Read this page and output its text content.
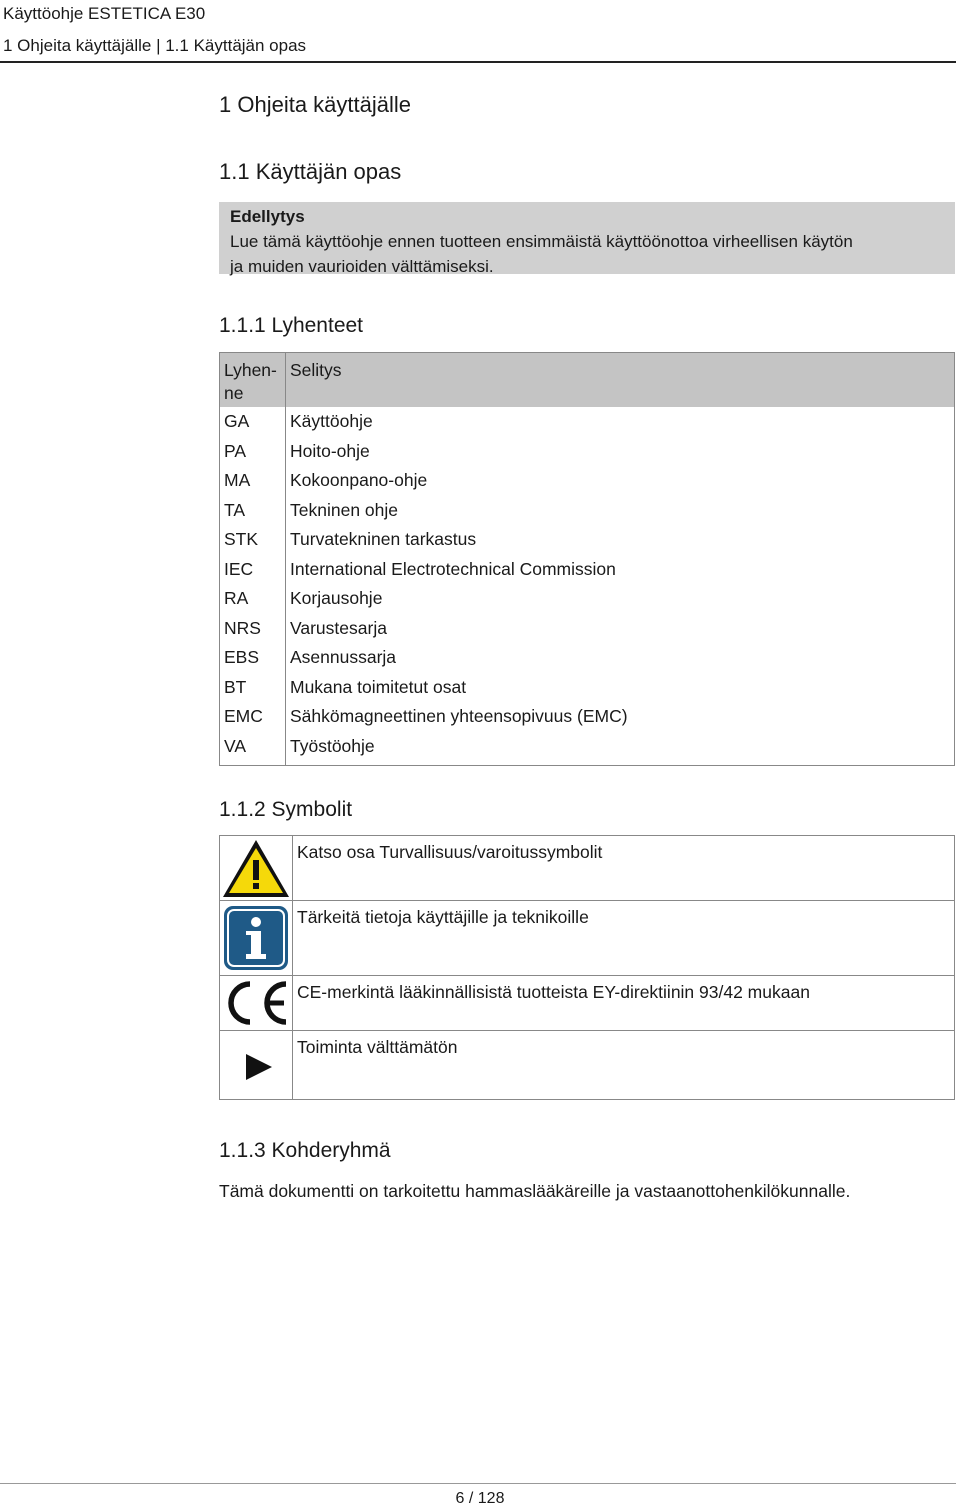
Käyttöohje ESTETICA E30
1 Ohjeita käyttäjälle | 1.1 Käyttäjän opas
1 Ohjeita käyttäjälle
1.1 Käyttäjän opas
Edellytys
Lue tämä käyttöohje ennen tuotteen ensimmäistä käyttöönottoa virheellisen käytön
ja muiden vaurioiden välttämiseksi.
1.1.1 Lyhenteet
Lyhen-ne	Selitys
GA	Käyttöohje
PA	Hoito-ohje
MA	Kokoonpano-ohje
TA	Tekninen ohje
STK	Turvatekninen tarkastus
IEC	International Electrotechnical Commission
RA	Korjausohje
NRS	Varustesarja
EBS	Asennussarja
BT	Mukana toimitetut osat
EMC	Sähkömagneettinen yhteensopivuus (EMC)
VA	Työstöohje
1.1.2 Symbolit
	Katso osa Turvallisuus/varoitussymbolit

	Tärkeitä tietoja käyttäjille ja teknikoille

	CE-merkintä lääkinnällisistä tuotteista EY-direktiinin 93/42 mukaan

	Toiminta välttämätön
1.1.3 Kohderyhmä
Tämä dokumentti on tarkoitettu hammaslääkäreille ja vastaanottohenkilökunnalle.
6 / 128
